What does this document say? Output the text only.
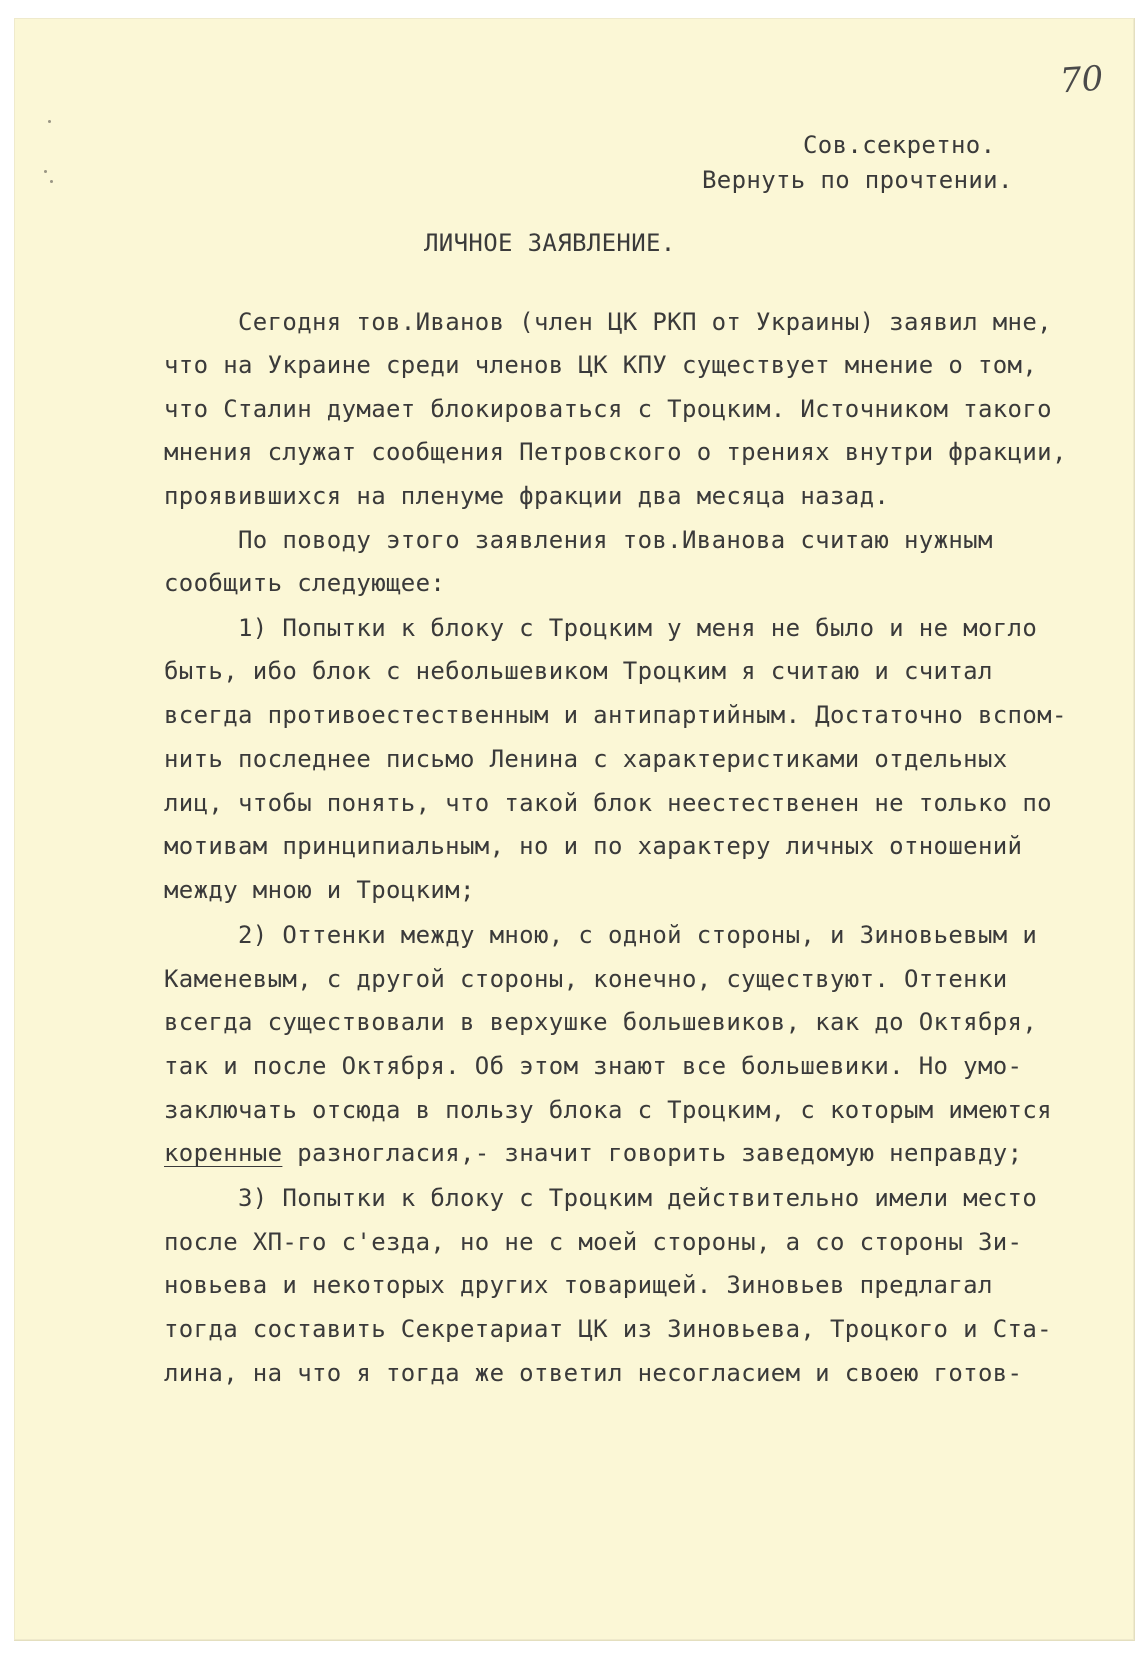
70
Сов.секретно.
Вернуть по прочтении.
ЛИЧНОЕ ЗАЯВЛЕНИЕ.
Сегодня тов.Иванов (член ЦК РКП от Украины) заявил мне,
что на Украине среди членов ЦК КПУ существует мнение о том,
что Сталин думает блокироваться с Троцким. Источником такого
мнения служат сообщения Петровского о трениях внутри фракции,
проявившихся на пленуме фракции два месяца назад.
По поводу этого заявления тов.Иванова считаю нужным
сообщить следующее:
1) Попытки к блоку с Троцким у меня не было и не могло
быть, ибо блок с небольшевиком Троцким я считаю и считал
всегда противоестественным и антипартийным. Достаточно вспом-
нить последнее письмо Ленина с характеристиками отдельных
лиц, чтобы понять, что такой блок неестественен не только по
мотивам принципиальным, но и по характеру личных отношений
между мною и Троцким;
2) Оттенки между мною, с одной стороны, и Зиновьевым и
Каменевым, с другой стороны, конечно, существуют. Оттенки
всегда существовали в верхушке большевиков, как до Октября,
так и после Октября. Об этом знают все большевики. Но умо-
заключать отсюда в пользу блока с Троцким, с которым имеются
коренные разногласия,- значит говорить заведомую неправду;
3) Попытки к блоку с Троцким действительно имели место
после ХП-го с'езда, но не с моей стороны, а со стороны Зи-
новьева и некоторых других товарищей. Зиновьев предлагал
тогда составить Секретариат ЦК из Зиновьева, Троцкого и Ста-
лина, на что я тогда же ответил несогласием и своею готов-
